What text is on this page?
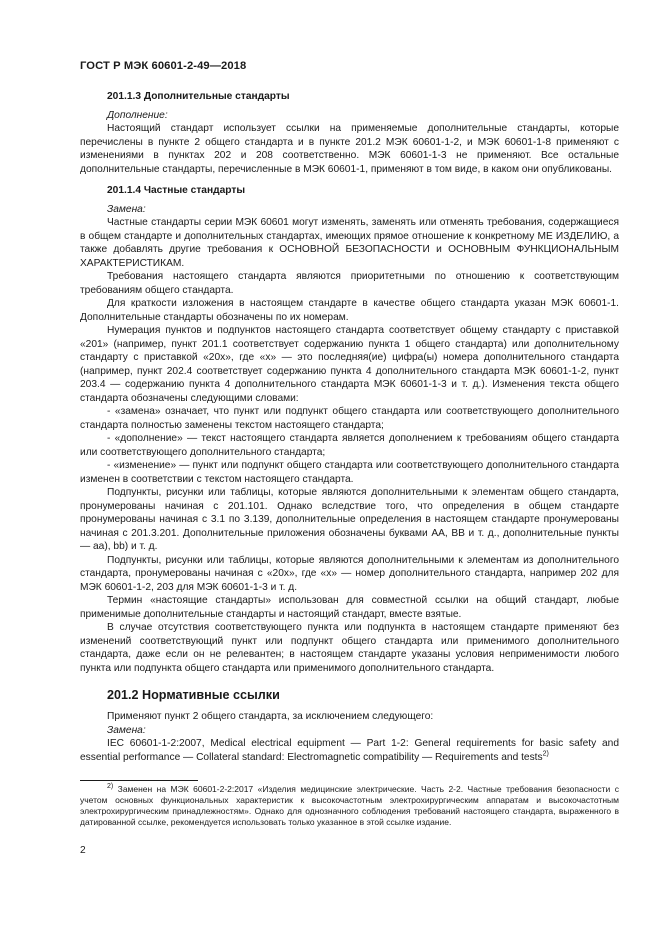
ГОСТ Р МЭК 60601-2-49—2018

201.1.3 Дополнительные стандарты

Дополнение:

Настоящий стандарт использует ссылки на применяемые дополнительные стандарты, которые перечислены в пункте 2 общего стандарта и в пункте 201.2 МЭК 60601-1-2, и МЭК 60601-1-8 применяют с изменениями в пунктах 202 и 208 соответственно. МЭК 60601-1-3 не применяют. Все остальные дополнительные стандарты, перечисленные в МЭК 60601-1, применяют в том виде, в каком они опубликованы.

201.1.4 Частные стандарты

Замена:

Частные стандарты серии МЭК 60601 могут изменять, заменять или отменять требования, содержащиеся в общем стандарте и дополнительных стандартах, имеющих прямое отношение к конкретному МЕ ИЗДЕЛИЮ, а также добавлять другие требования к ОСНОВНОЙ БЕЗОПАСНОСТИ и ОСНОВНЫМ ФУНКЦИОНАЛЬНЫМ ХАРАКТЕРИСТИКАМ.

Требования настоящего стандарта являются приоритетными по отношению к соответствующим требованиям общего стандарта.

Для краткости изложения в настоящем стандарте в качестве общего стандарта указан МЭК 60601-1. Дополнительные стандарты обозначены по их номерам.

Нумерация пунктов и подпунктов настоящего стандарта соответствует общему стандарту с приставкой «201» (например, пункт 201.1 соответствует содержанию пункта 1 общего стандарта) или дополнительному стандарту с приставкой «20х», где «х» — это последняя(ие) цифра(ы) номера дополнительного стандарта (например, пункт 202.4 соответствует содержанию пункта 4 дополнительного стандарта МЭК 60601-1-2, пункт 203.4 — содержанию пункта 4 дополнительного стандарта МЭК 60601-1-3 и т. д.). Изменения текста общего стандарта обозначены следующими словами:

- «замена» означает, что пункт или подпункт общего стандарта или соответствующего дополнительного стандарта полностью заменены текстом настоящего стандарта;

- «дополнение» — текст настоящего стандарта является дополнением к требованиям общего стандарта или соответствующего дополнительного стандарта;

- «изменение» — пункт или подпункт общего стандарта или соответствующего дополнительного стандарта изменен в соответствии с текстом настоящего стандарта.

Подпункты, рисунки или таблицы, которые являются дополнительными к элементам общего стандарта, пронумерованы начиная с 201.101. Однако вследствие того, что определения в общем стандарте пронумерованы начиная с 3.1 по 3.139, дополнительные определения в настоящем стандарте пронумерованы начиная с 201.3.201. Дополнительные приложения обозначены буквами АА, ВВ и т. д., дополнительные пункты — аа), bb) и т. д.

Подпункты, рисунки или таблицы, которые являются дополнительными к элементам из дополнительного стандарта, пронумерованы начиная с «20х», где «х» — номер дополнительного стандарта, например 202 для МЭК 60601-1-2, 203 для МЭК 60601-1-3 и т. д.

Термин «настоящие стандарты» использован для совместной ссылки на общий стандарт, любые применимые дополнительные стандарты и настоящий стандарт, вместе взятые.

В случае отсутствия соответствующего пункта или подпункта в настоящем стандарте применяют без изменений соответствующий пункт или подпункт общего стандарта или применимого дополнительного стандарта, даже если он не релевантен; в настоящем стандарте указаны условия неприменимости любого пункта или подпункта общего стандарта или применимого дополнительного стандарта.

201.2 Нормативные ссылки

Применяют пункт 2 общего стандарта, за исключением следующего:

Замена:

IEC 60601-1-2:2007, Medical electrical equipment — Part 1-2: General requirements for basic safety and essential performance — Collateral standard: Electromagnetic compatibility — Requirements and tests$^{2)}$

$^{2)}$ Заменен на МЭК 60601-2-2:2017 «Изделия медицинские электрические. Часть 2-2. Частные требования безопасности с учетом основных функциональных характеристик к высокочастотным электрохирургическим аппаратам и высокочастотным электрохирургическим принадлежностям». Однако для однозначного соблюдения требований настоящего стандарта, выраженного в датированной ссылке, рекомендуется использовать только указанное в этой ссылке издание.

2
